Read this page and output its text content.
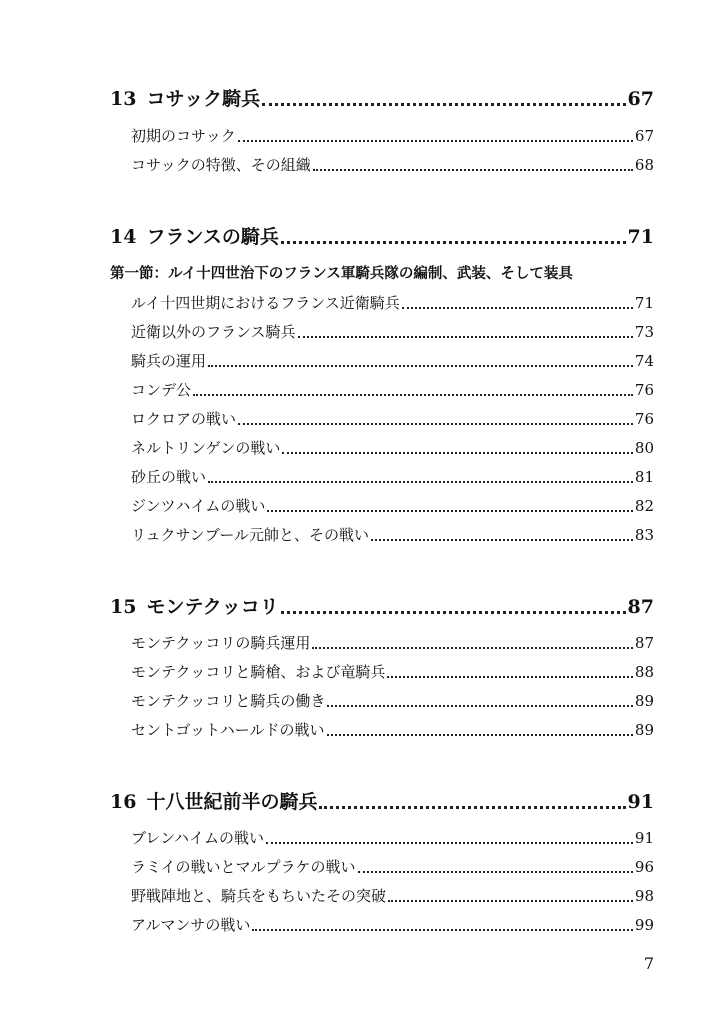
13 コサック騎兵	67
初期のコサック	67
コサックの特徴、その組織	68
14 フランスの騎兵	71
第一節：ルイ十四世治下のフランス軍騎兵隊の編制、武装、そして装具
ルイ十四世期におけるフランス近衛騎兵	71
近衛以外のフランス騎兵	73
騎兵の運用	74
コンデ公	76
ロクロアの戦い	76
ネルトリンゲンの戦い	80
砂丘の戦い	81
ジンツハイムの戦い	82
リュクサンブール元帥と、その戦い	83
15 モンテクッコリ	87
モンテクッコリの騎兵運用	87
モンテクッコリと騎槍、および竜騎兵	88
モンテクッコリと騎兵の働き	89
セントゴットハールドの戦い	89
16 十八世紀前半の騎兵	91
ブレンハイムの戦い	91
ラミイの戦いとマルプラケの戦い	96
野戦陣地と、騎兵をもちいたその突破	98
アルマンサの戦い	99
7
